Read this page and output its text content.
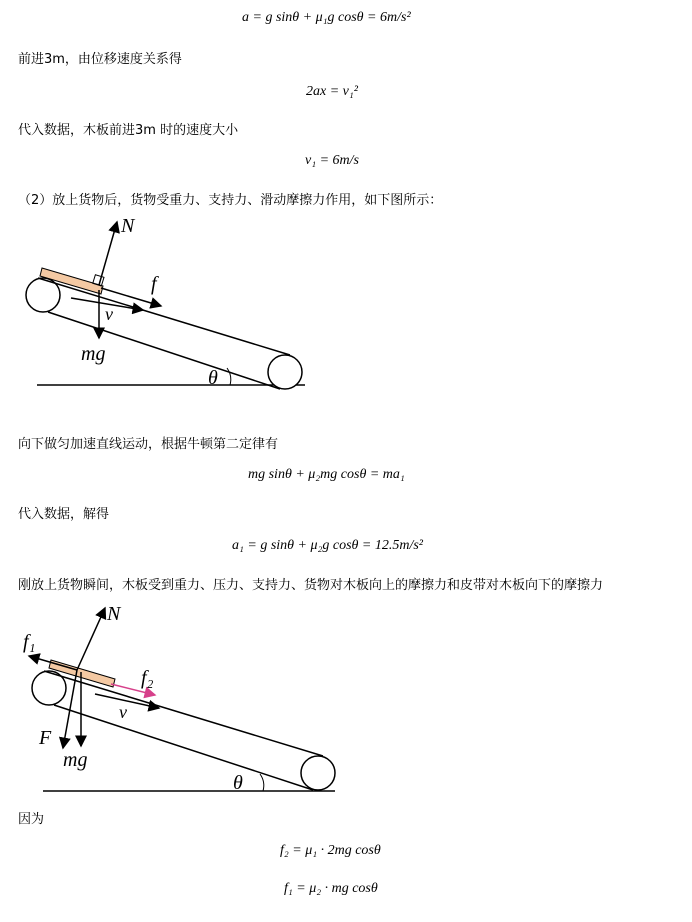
a = g sinθ + μ₁g cosθ = 6m/s²
前进3m，由位移速度关系得
2ax = v₁²
代入数据，木板前进3m 时的速度大小
v₁ = 6m/s
（2）放上货物后，货物受重力、支持力、滑动摩擦力作用，如下图所示：
N
f
v
mg
θ
向下做匀加速直线运动，根据牛顿第二定律有
mg sinθ + μ₂mg cosθ = ma₁
代入数据，解得
a₁ = g sinθ + μ₂g cosθ = 12.5m/s²
刚放上货物瞬间，木板受到重力、压力、支持力、货物对木板向上的摩擦力和皮带对木板向下的摩擦力
N
f₁
f₂
v
F
mg
θ
因为
f₂ = μ₁ · 2mg cosθ
f₁ = μ₂ · mg cosθ
